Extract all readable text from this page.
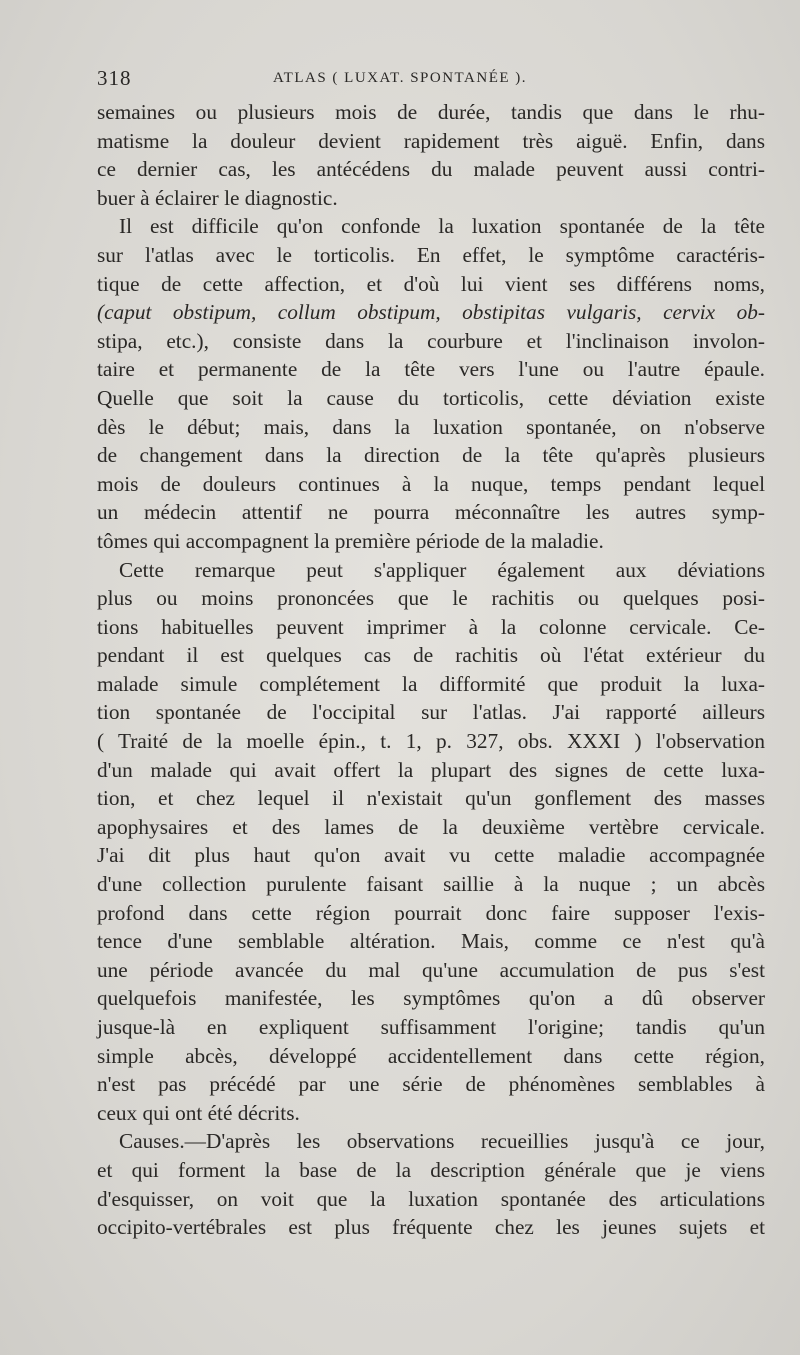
318	ATLAS ( LUXAT. SPONTANÉE ).
semaines ou plusieurs mois de durée, tandis que dans le rhu-
matisme la douleur devient rapidement très aiguë. Enfin, dans
ce dernier cas, les antécédens du malade peuvent aussi contri-
buer à éclairer le diagnostic.
Il est difficile qu'on confonde la luxation spontanée de la tête
sur l'atlas avec le torticolis. En effet, le symptôme caractéris-
tique de cette affection, et d'où lui vient ses différens noms,
(caput obstipum, collum obstipum, obstipitas vulgaris, cervix ob-
stipa, etc.), consiste dans la courbure et l'inclinaison involon-
taire et permanente de la tête vers l'une ou l'autre épaule.
Quelle que soit la cause du torticolis, cette déviation existe
dès le début; mais, dans la luxation spontanée, on n'observe
de changement dans la direction de la tête qu'après plusieurs
mois de douleurs continues à la nuque, temps pendant lequel
un médecin attentif ne pourra méconnaître les autres symp-
tômes qui accompagnent la première période de la maladie.
Cette remarque peut s'appliquer également aux déviations
plus ou moins prononcées que le rachitis ou quelques posi-
tions habituelles peuvent imprimer à la colonne cervicale. Ce-
pendant il est quelques cas de rachitis où l'état extérieur du
malade simule complétement la difformité que produit la luxa-
tion spontanée de l'occipital sur l'atlas. J'ai rapporté ailleurs
( Traité de la moelle épin., t. 1, p. 327, obs. XXXI ) l'observation
d'un malade qui avait offert la plupart des signes de cette luxa-
tion, et chez lequel il n'existait qu'un gonflement des masses
apophysaires et des lames de la deuxième vertèbre cervicale.
J'ai dit plus haut qu'on avait vu cette maladie accompagnée
d'une collection purulente faisant saillie à la nuque ; un abcès
profond dans cette région pourrait donc faire supposer l'exis-
tence d'une semblable altération. Mais, comme ce n'est qu'à
une période avancée du mal qu'une accumulation de pus s'est
quelquefois manifestée, les symptômes qu'on a dû observer
jusque-là en expliquent suffisamment l'origine; tandis qu'un
simple abcès, développé accidentellement dans cette région,
n'est pas précédé par une série de phénomènes semblables à
ceux qui ont été décrits.
Causes.—D'après les observations recueillies jusqu'à ce jour,
et qui forment la base de la description générale que je viens
d'esquisser, on voit que la luxation spontanée des articulations
occipito-vertébrales est plus fréquente chez les jeunes sujets et
